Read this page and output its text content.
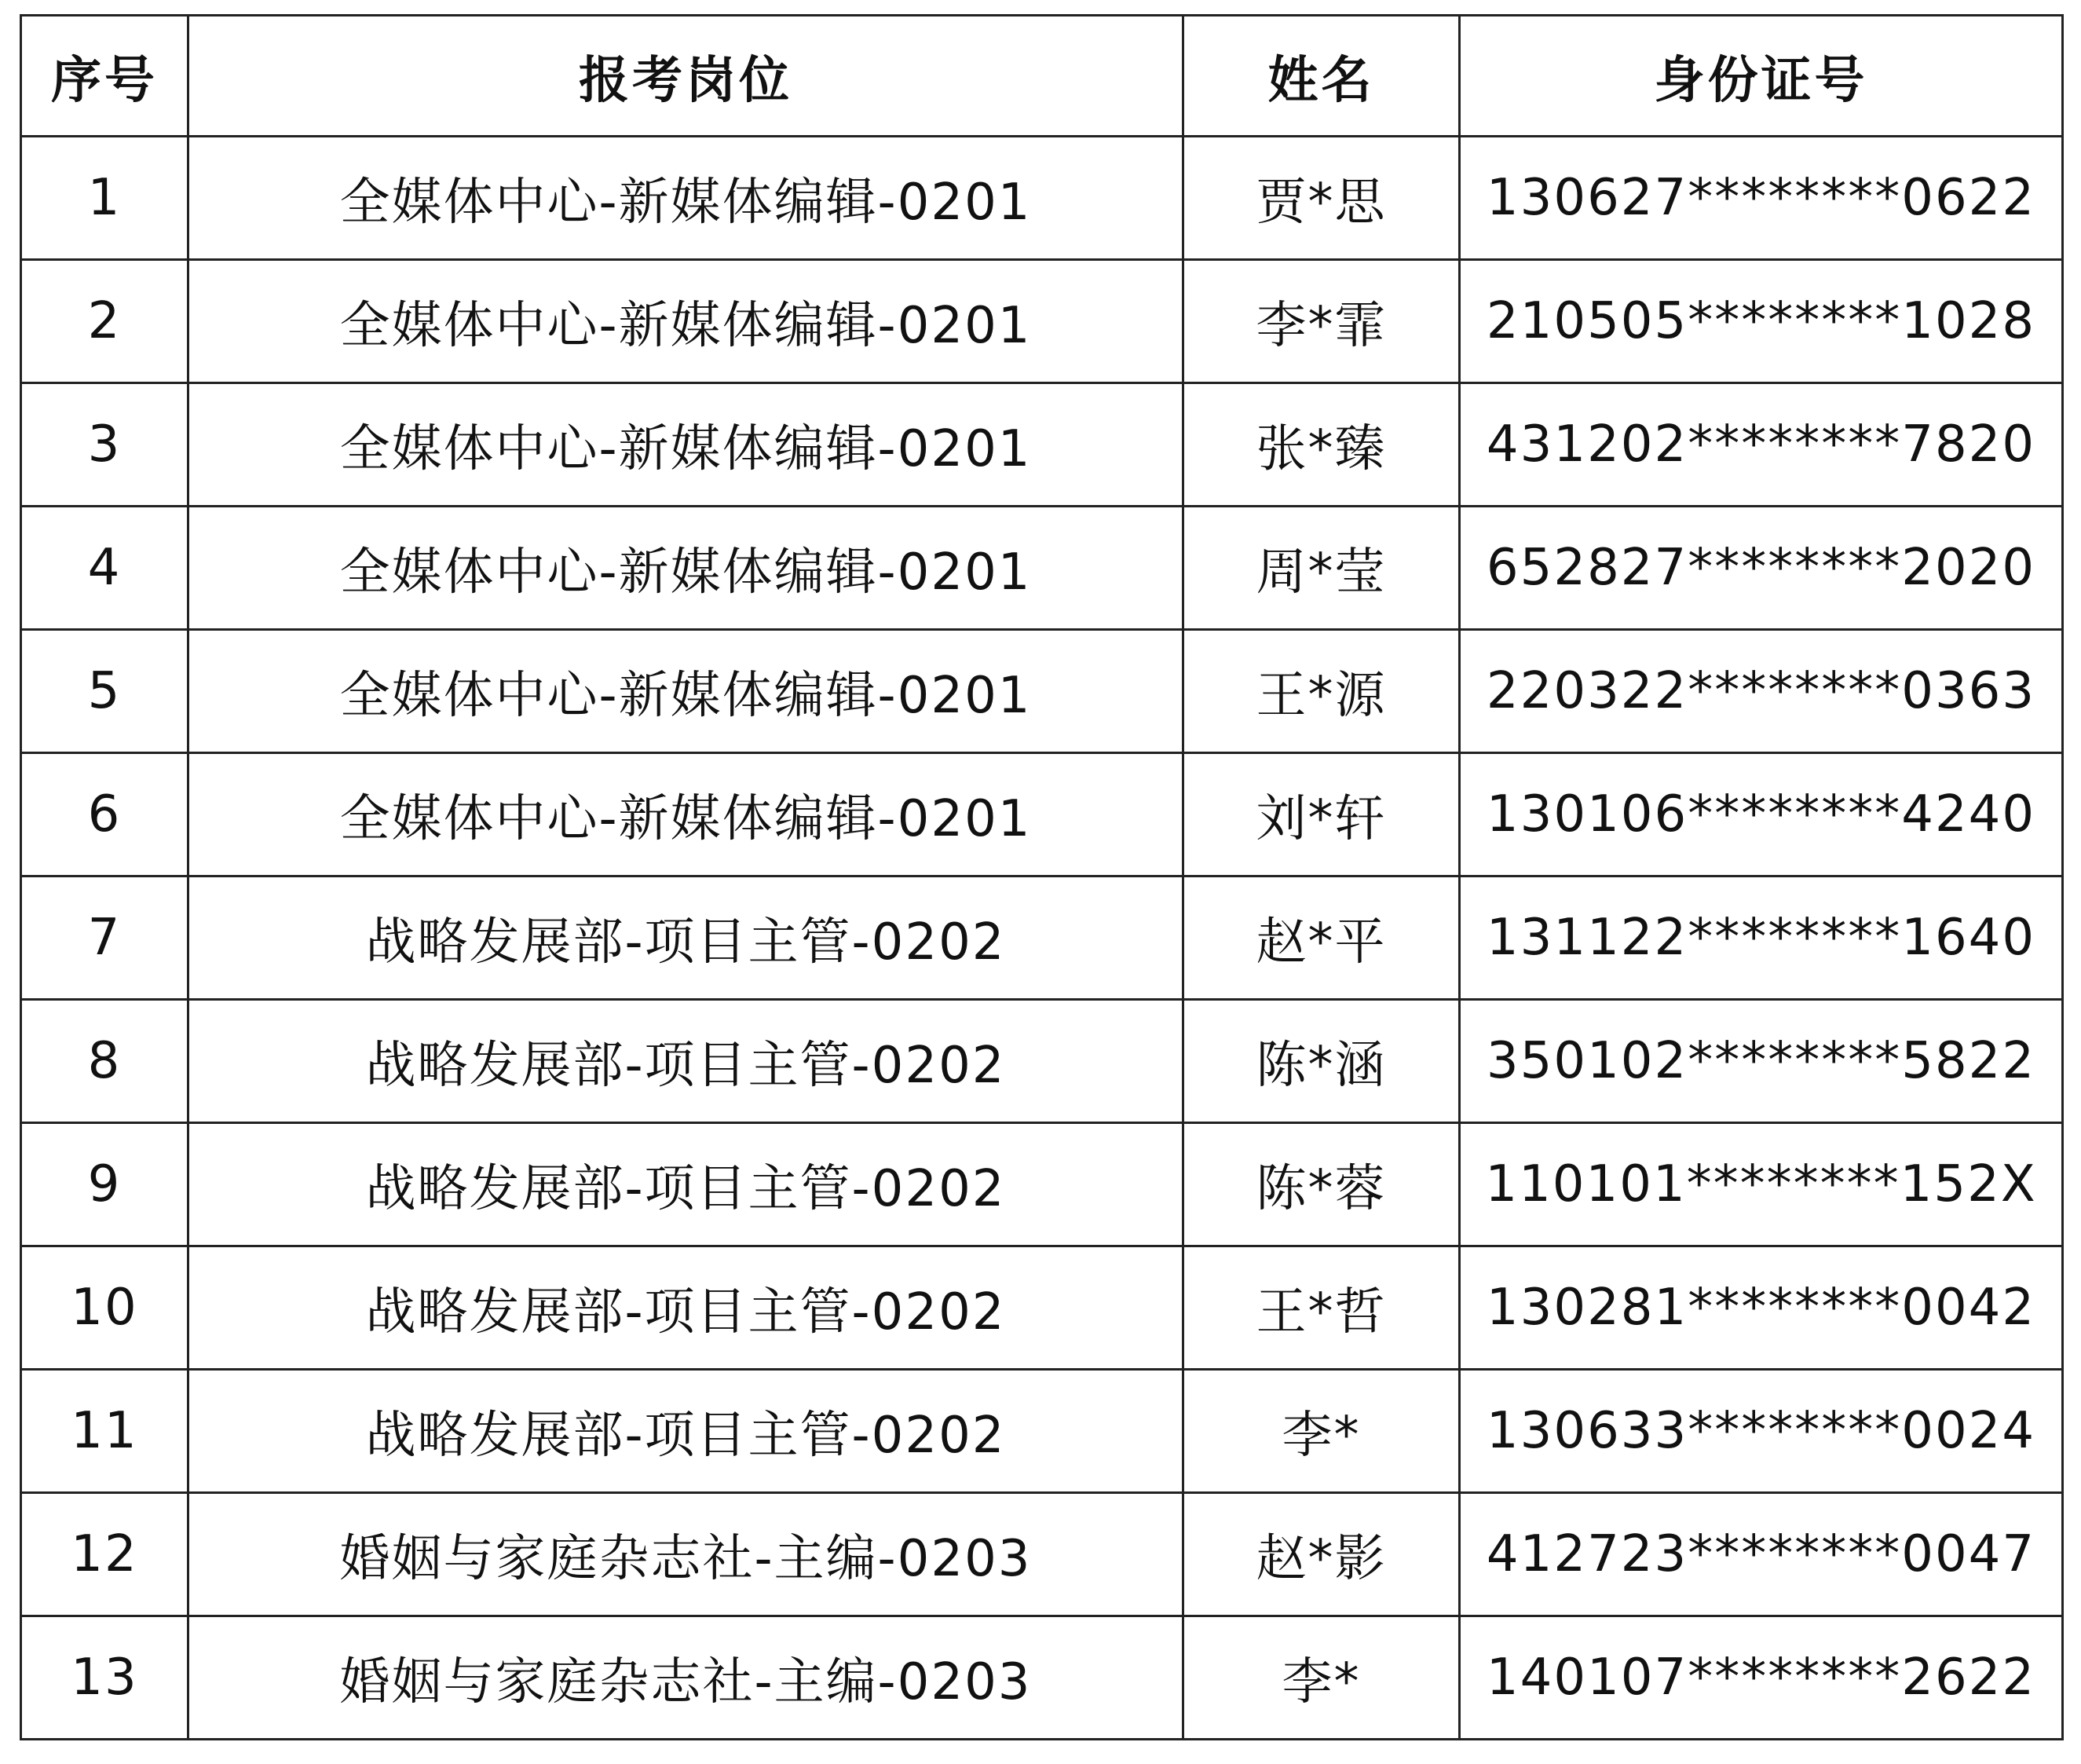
序号	报考岗位	姓名	身份证号
1	全媒体中心-新媒体编辑-0201	贾*思	130627********0622
2	全媒体中心-新媒体编辑-0201	李*霏	210505********1028
3	全媒体中心-新媒体编辑-0201	张*臻	431202********7820
4	全媒体中心-新媒体编辑-0201	周*莹	652827********2020
5	全媒体中心-新媒体编辑-0201	王*源	220322********0363
6	全媒体中心-新媒体编辑-0201	刘*轩	130106********4240
7	战略发展部-项目主管-0202	赵*平	131122********1640
8	战略发展部-项目主管-0202	陈*涵	350102********5822
9	战略发展部-项目主管-0202	陈*蓉	110101********152X
10	战略发展部-项目主管-0202	王*哲	130281********0042
11	战略发展部-项目主管-0202	李*	130633********0024
12	婚姻与家庭杂志社-主编-0203	赵*影	412723********0047
13	婚姻与家庭杂志社-主编-0203	李*	140107********2622
